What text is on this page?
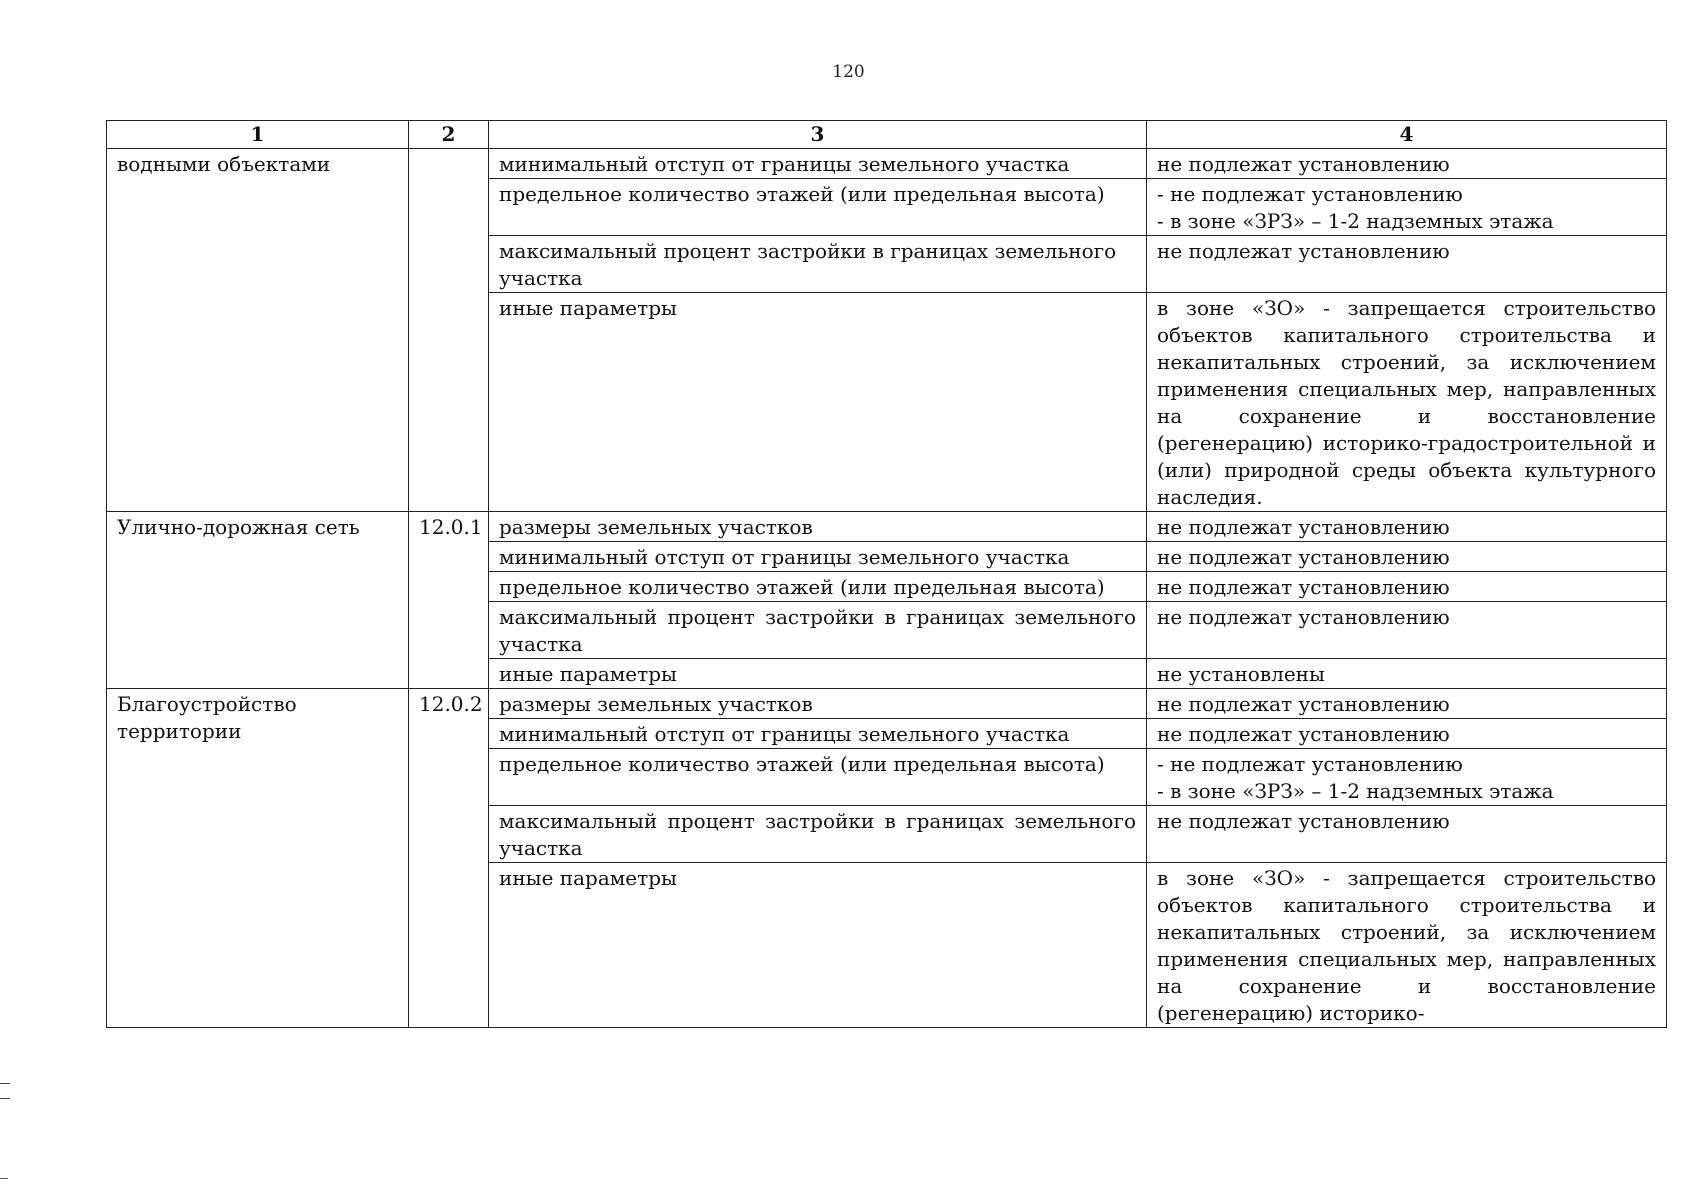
120
1	2	3	4
водными объектами		минимальный отступ от границы земельного участка	не подлежат установлению
		предельное количество этажей (или предельная высота)	- не подлежат установлению
- в зоне «ЗРЗ» – 1-2 надземных этажа

		максимальный процент застройки в границах земельного участка	не подлежат установлению
		иные параметры	в зоне «ЗО» - запрещается строительство объектов капитального строительства и некапитальных строений, за исключением применения специальных мер, направленных на сохранение и восстановление (регенерацию) историко-градостроительной и (или) природной среды объекта культурного наследия.
Улично-дорожная сеть	12.0.1	размеры земельных участков	не подлежат установлению
		минимальный отступ от границы земельного участка	не подлежат установлению
		предельное количество этажей (или предельная высота)	не подлежат установлению
		максимальный процент застройки в границах земельного участка	не подлежат установлению
		иные параметры	не установлены
Благоустройство территории	12.0.2	размеры земельных участков	не подлежат установлению
		минимальный отступ от границы земельного участка	не подлежат установлению
		предельное количество этажей (или предельная высота)	- не подлежат установлению
- в зоне «ЗРЗ» – 1-2 надземных этажа

		максимальный процент застройки в границах земельного участка	не подлежат установлению
		иные параметры	в зоне «ЗО» - запрещается строительство объектов капитального строительства и некапитальных строений, за исключением применения специальных мер, направленных на сохранение и восстановление (регенерацию) историко-
